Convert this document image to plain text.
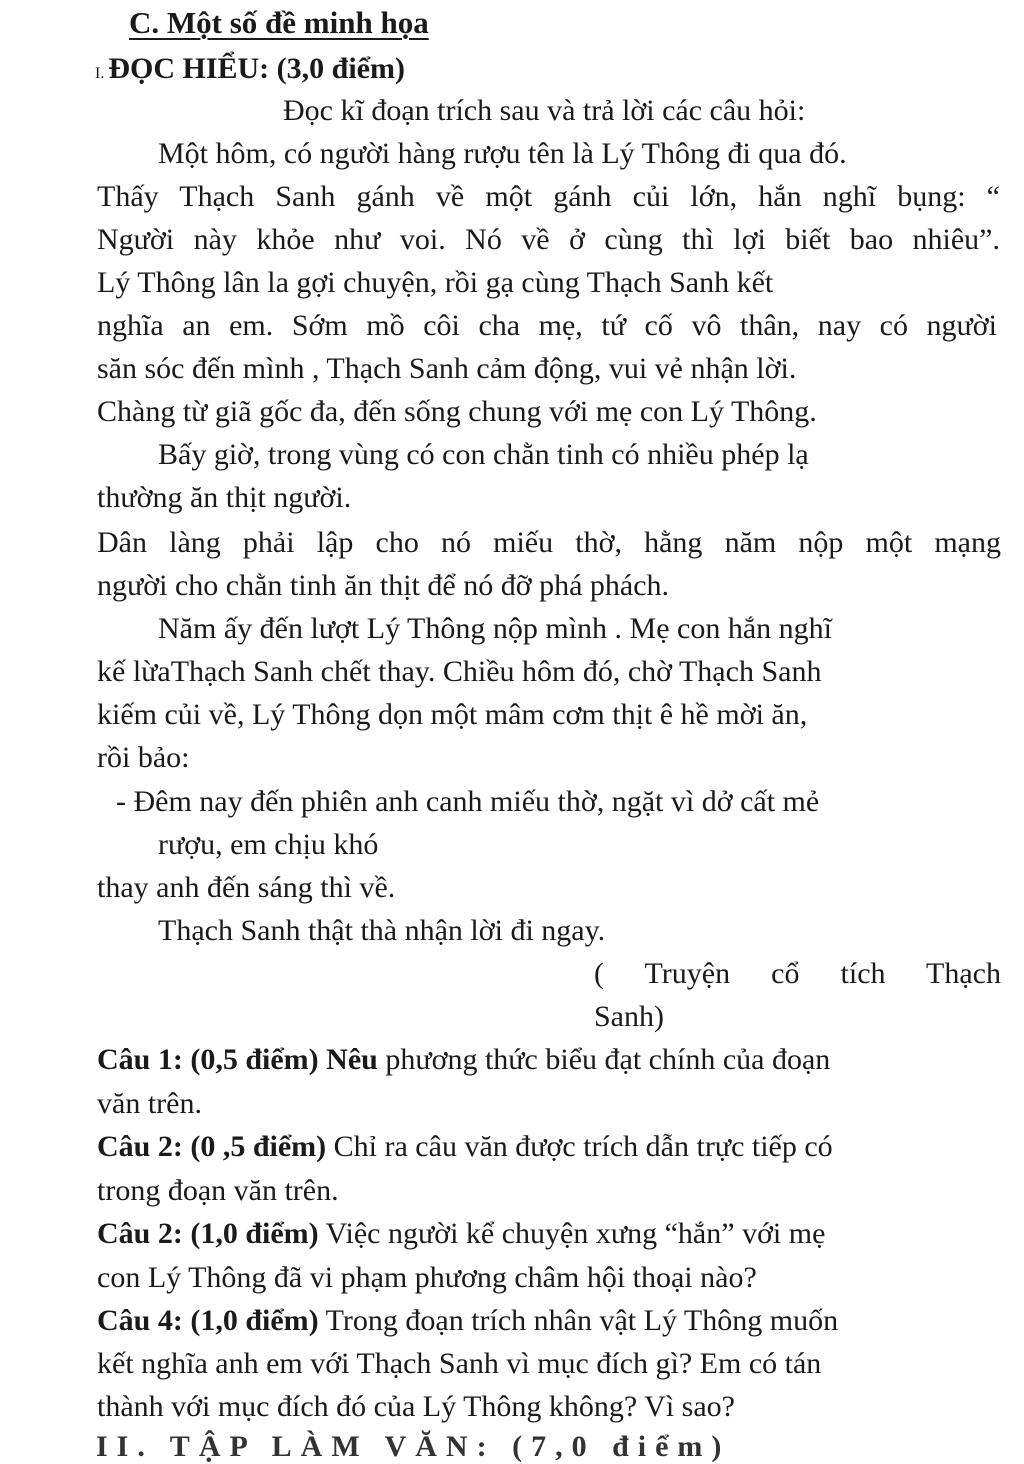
C. Một số đề minh họa
I. ĐỌC HIỂU: (3,0 điểm)
Đọc kĩ đoạn trích sau và trả lời các câu hỏi:
Một hôm, có người hàng rượu tên là Lý Thông đi qua đó.
Thấy Thạch Sanh gánh về một gánh củi lớn, hắn nghĩ bụng: “
Người này khỏe như voi. Nó về ở cùng thì lợi biết bao nhiêu”.
Lý Thông lân la gợi chuyện, rồi gạ cùng Thạch Sanh kết
nghĩa an em. Sớm mồ côi cha mẹ, tứ cố vô thân, nay có người
săn sóc đến mình , Thạch Sanh cảm động, vui vẻ nhận lời.
Chàng từ giã gốc đa, đến sống chung với mẹ con Lý Thông.
Bấy giờ, trong vùng có con chằn tinh có nhiều phép lạ
thường ăn thịt người.
Dân làng phải lập cho nó miếu thờ, hằng năm nộp một mạng
người cho chằn tinh ăn thịt để nó đỡ phá phách.
Năm ấy đến lượt Lý Thông nộp mình . Mẹ con hắn nghĩ
kế lừaThạch Sanh chết thay. Chiều hôm đó, chờ Thạch Sanh
kiếm củi về, Lý Thông dọn một mâm cơm thịt ê hề mời ăn,
rồi bảo:
- Đêm nay đến phiên anh canh miếu thờ, ngặt vì dở cất mẻ
rượu, em chịu khó
thay anh đến sáng thì về.
Thạch Sanh thật thà nhận lời đi ngay.
( Truyện cổ tích Thạch
Sanh)
Câu 1: (0,5 điểm) Nêu phương thức biểu đạt chính của đoạn
văn trên.
Câu 2: (0 ,5 điểm) Chỉ ra câu văn được trích dẫn trực tiếp có
trong đoạn văn trên.
Câu 2: (1,0 điểm) Việc người kể chuyện xưng “hắn” với mẹ
con Lý Thông đã vi phạm phương châm hội thoại nào?
Câu 4: (1,0 điểm) Trong đoạn trích nhân vật Lý Thông muốn
kết nghĩa anh em với Thạch Sanh vì mục đích gì? Em có tán
thành với mục đích đó của Lý Thông không? Vì sao?
II. TẬP LÀM VĂN: (7,0 điểm)
